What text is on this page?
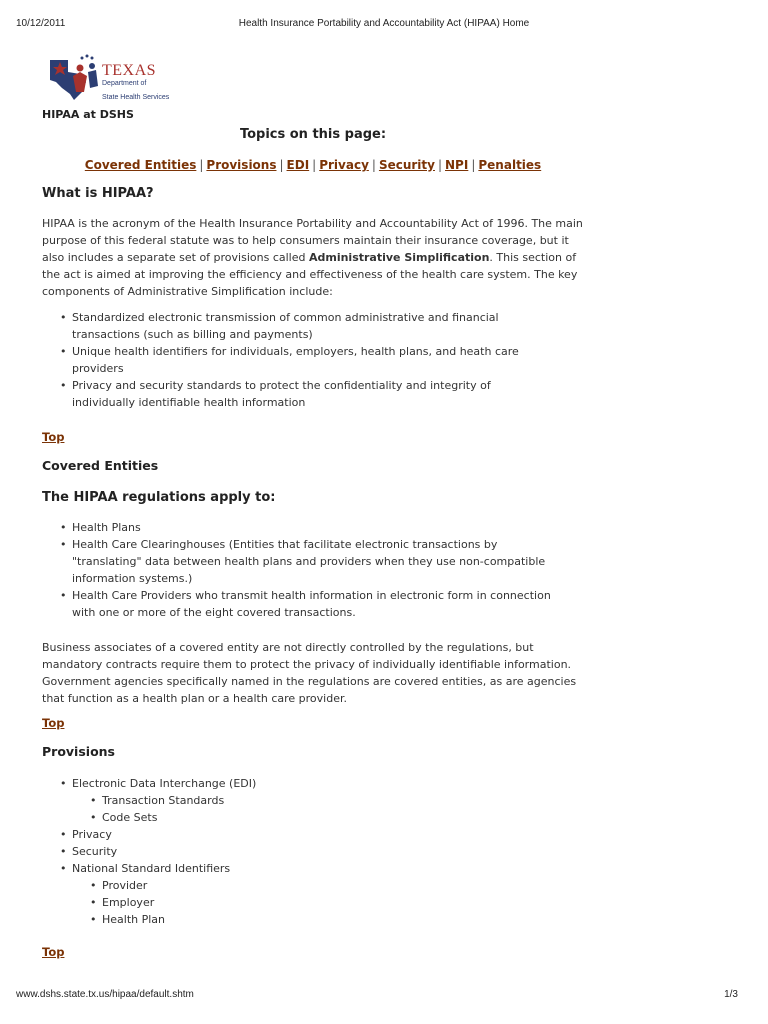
10/12/2011	Health Insurance Portability and Accountability Act (HIPAA) Home
TEXAS
Department of
State Health Services
HIPAA at DSHS
Topics on this page:
Covered Entities | Provisions | EDI | Privacy | Security | NPI | Penalties
What is HIPAA?

HIPAA is the acronym of the Health Insurance Portability and Accountability Act of 1996. The main purpose of this federal statute was to help consumers maintain their insurance coverage, but it also includes a separate set of provisions called Administrative Simplification. This section of the act is aimed at improving the efficiency and effectiveness of the health care system. The key components of Administrative Simplification include:

• Standardized electronic transmission of common administrative and financial transactions (such as billing and payments)
• Unique health identifiers for individuals, employers, health plans, and heath care providers
• Privacy and security standards to protect the confidentiality and integrity of individually identifiable health information
Top
Covered Entities
The HIPAA regulations apply to:
• Health Plans
• Health Care Clearinghouses (Entities that facilitate electronic transactions by "translating" data between health plans and providers when they use non-compatible information systems.)
• Health Care Providers who transmit health information in electronic form in connection with one or more of the eight covered transactions.

Business associates of a covered entity are not directly controlled by the regulations, but mandatory contracts require them to protect the privacy of individually identifiable information. Government agencies specifically named in the regulations are covered entities, as are agencies that function as a health plan or a health care provider.

Top
Provisions
• Electronic Data Interchange (EDI)
• Transaction Standards
• Code Sets
• Privacy
• Security
• National Standard Identifiers
• Provider
• Employer
• Health Plan
Top
www.dshs.state.tx.us/hipaa/default.shtm	1/3
